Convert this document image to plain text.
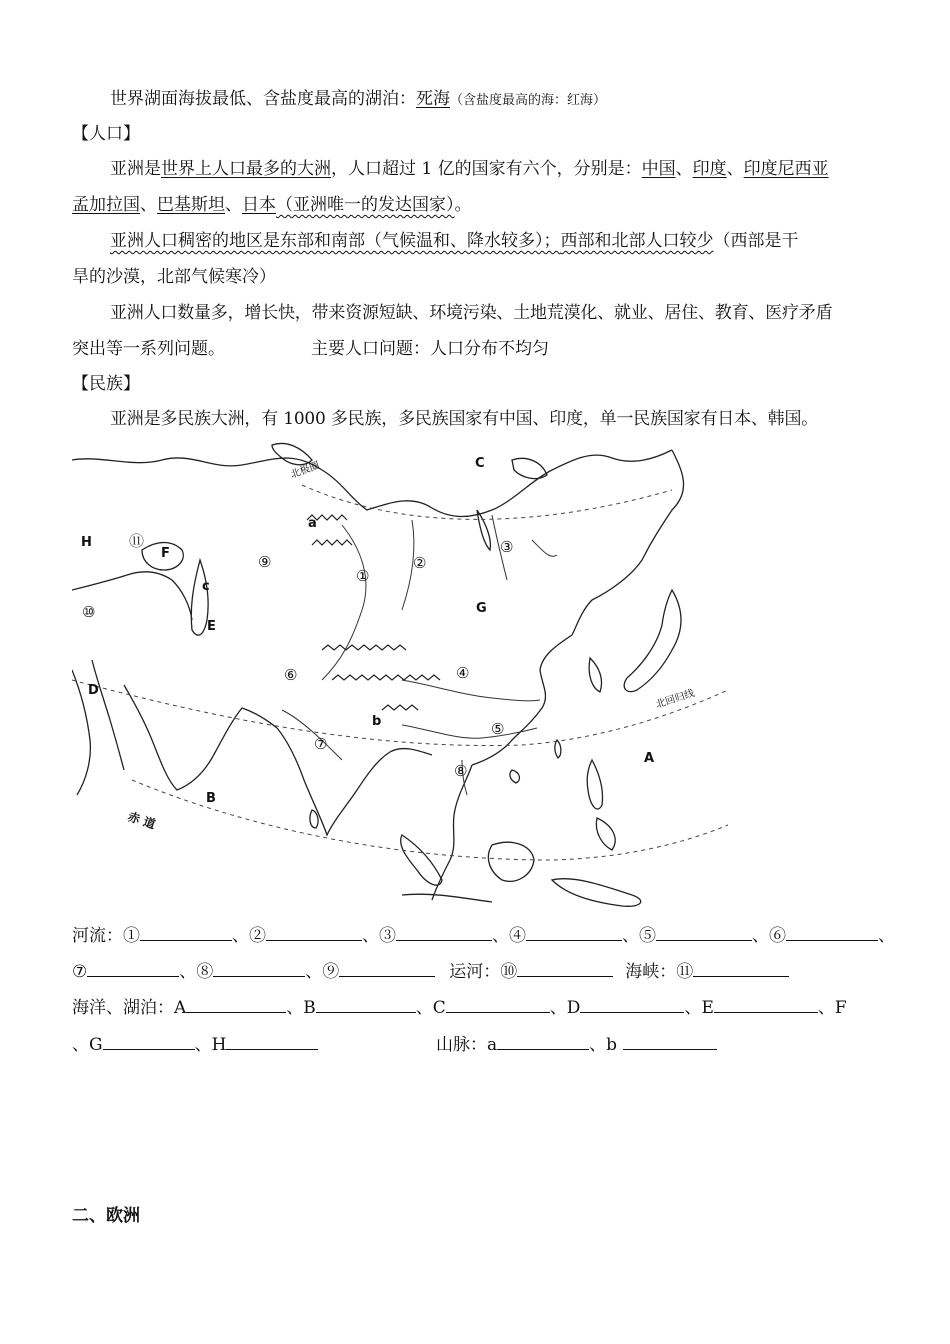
世界湖面海拔最低、含盐度最高的湖泊：死海（含盐度最高的海：红海）
【人口】
亚洲是世界上人口最多的大洲，人口超过 1 亿的国家有六个，分别是：中国、印度、印度尼西亚
孟加拉国、巴基斯坦、日本（亚洲唯一的发达国家）。
亚洲人口稠密的地区是东部和南部（气候温和、降水较多）；西部和北部人口较少（西部是干
旱的沙漠，北部气候寒冷）
亚洲人口数量多，增长快，带来资源短缺、环境污染、土地荒漠化、就业、居住、教育、医疗矛盾
突出等一系列问题。	主要人口问题：人口分布不均匀
【民族】
亚洲是多民族大洲，有 1000 多民族，多民族国家有中国、印度，单一民族国家有日本、韩国。
C
H
F
c
E
a
G
D
b
A
B
①
②
③
④
⑤
⑥
⑦
⑧
⑨
⑩
⑪
北极圈
北回归线
赤 道
河流：①	、②	、③	、④	、⑤	、⑥	、
⑦	、⑧	、⑨	运河：⑩	海峡：⑪
海洋、湖泊：A	、B	、C	、D	、E	、F
、G	、H	山脉：a	、b
二、欧洲
